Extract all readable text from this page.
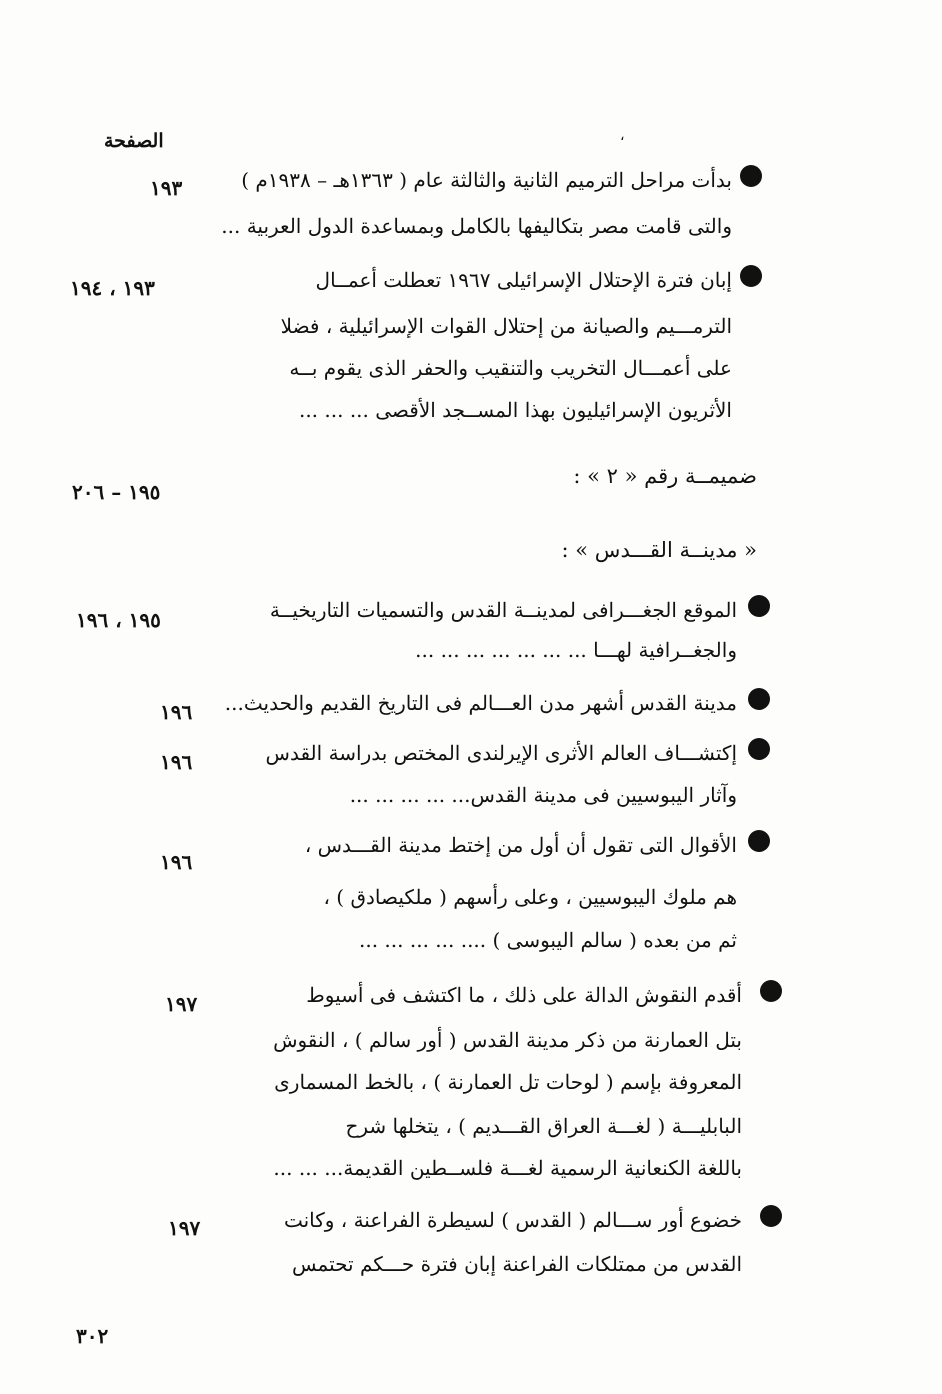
الصفحة	،
بدأت مراحل الترميم الثانية والثالثة عام ( ١٣٦٣هـ – ١٩٣٨م )
والتى قامت مصر بتكاليفها بالكامل وبمساعدة الدول العربية ...
١٩٣
إبان فترة الإحتلال الإسرائيلى ١٩٦٧ تعطلت أعمــال
الترمـــيم والصيانة من إحتلال القوات الإسرائيلية ، فضلا
على أعمـــال التخريب والتنقيب والحفر الذى يقوم بــه
الأثريون الإسرائيليون بهذا المســجد الأقصى ... ... ...
١٩٣ ، ١٩٤
ضميمــة رقم « ٢ » :
١٩٥ – ٢٠٦
« مدينــة القـــدس » :
الموقع الجغـــرافى لمدينــة القدس والتسميات التاريخيــة
والجغــرافية لهـــا ... ... ... ... ... ... ...
١٩٥ ، ١٩٦
مدينة القدس أشهر مدن العـــالم فى التاريخ القديم والحديث...
١٩٦
إكتشـــاف العالم الأثرى الإيرلندى المختص بدراسة القدس
وآثار اليبوسيين فى مدينة القدس... ... ... ... ...
١٩٦
الأقوال التى تقول أن أول من إختط مدينة القـــدس ،
هم ملوك اليبوسيين ، وعلى رأسهم ( ملكيصادق ) ،
ثم من بعده ( سالم اليبوسى ) .... ... ... ... ...
١٩٦
أقدم النقوش الدالة على ذلك ، ما اكتشف فى أسيوط
بتل العمارنة من ذكر مدينة القدس ( أور سالم ) ، النقوش
المعروفة بإسم ( لوحات تل العمارنة ) ، بالخط المسمارى
البابليـــة ( لغـــة العراق القـــديم ) ، يتخلها شرح
باللغة الكنعانية الرسمية لغـــة فلســطين القديمة... ... ...
١٩٧
خضوع أور ســـالم ( القدس ) لسيطرة الفراعنة ، وكانت
القدس من ممتلكات الفراعنة إبان فترة حـــكم تحتمس
١٩٧
٣٠٢
